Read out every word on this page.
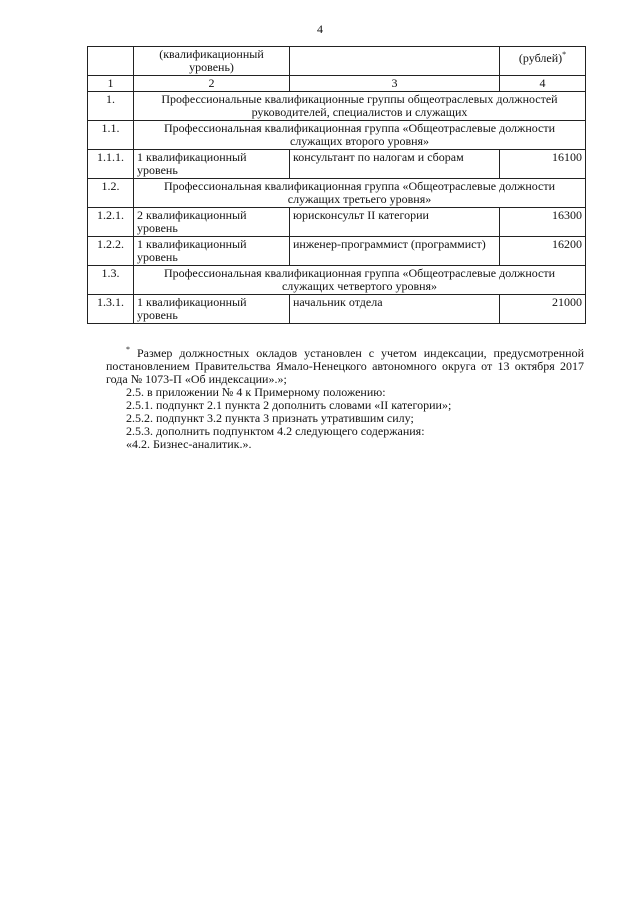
4
	(квалификационный уровень)		(рублей)*
1	2	3	4
1.	Профессиональные квалификационные группы общеотраслевых должностей руководителей, специалистов и служащих		
1.1.	Профессиональная квалификационная группа «Общеотраслевые должности служащих второго уровня»		
1.1.1.	1 квалификационный уровень	консультант по налогам и сборам	16100
1.2.	Профессиональная квалификационная группа «Общеотраслевые должности служащих третьего уровня»		
1.2.1.	2 квалификационный уровень	юрисконсульт II категории	16300
1.2.2.	1 квалификационный уровень	инженер-программист (программист)	16200
1.3.	Профессиональная квалификационная группа «Общеотраслевые должности служащих четвертого уровня»		
1.3.1.	1 квалификационный уровень	начальник отдела	21000

* Размер должностных окладов установлен с учетом индексации, предусмотренной постановлением Правительства Ямало-Ненецкого автономного округа от 13 октября 2017 года № 1073-П «Об индексации».»;

2.5. в приложении № 4 к Примерному положению:

2.5.1. подпункт 2.1 пункта 2 дополнить словами «II категории»;

2.5.2. подпункт 3.2 пункта 3 признать утратившим силу;

2.5.3. дополнить подпунктом 4.2 следующего содержания:

«4.2. Бизнес-аналитик.».
